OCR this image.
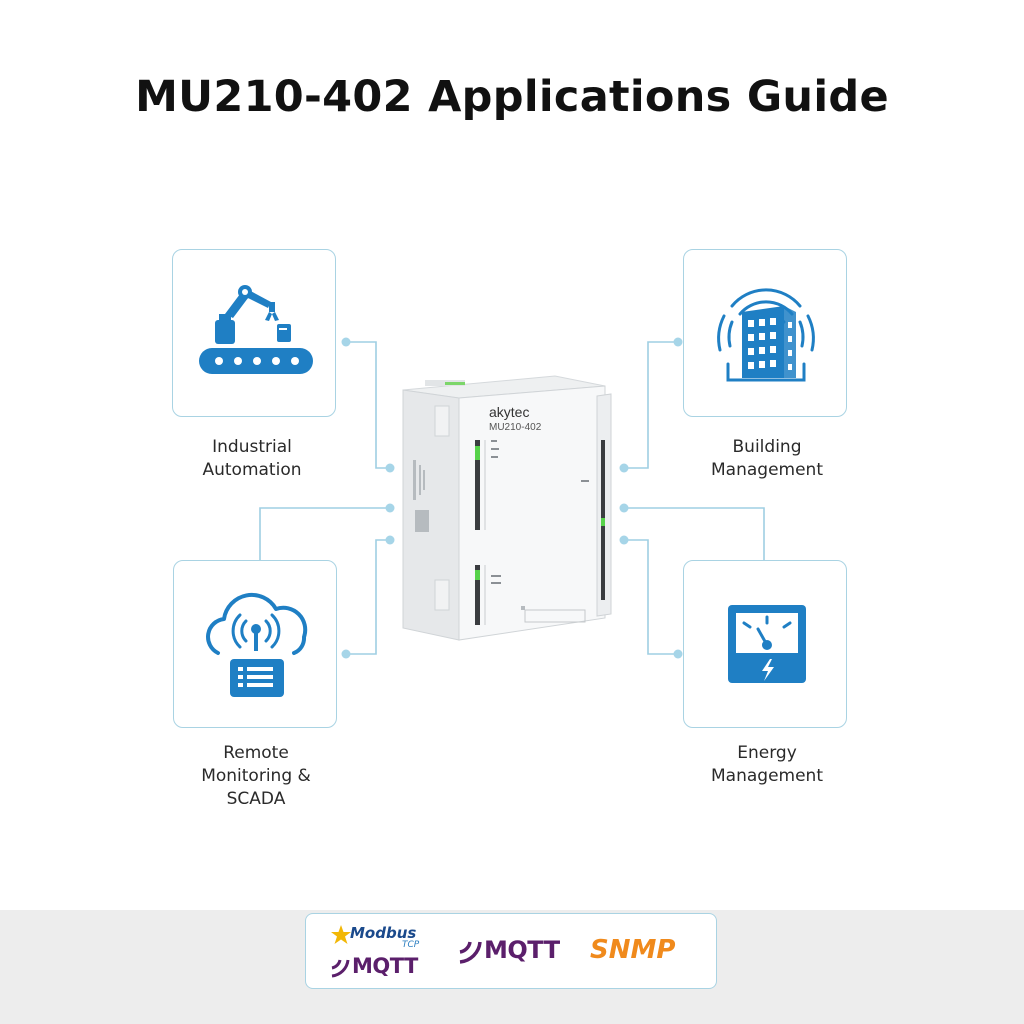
MU210-402 Applications Guide
Industrial
Automation
Building
Management
Remote
Monitoring &
SCADA
Energy
Management
akytec
MU210-402
Modbus
TCP
MQTT
MQTT SNMP
